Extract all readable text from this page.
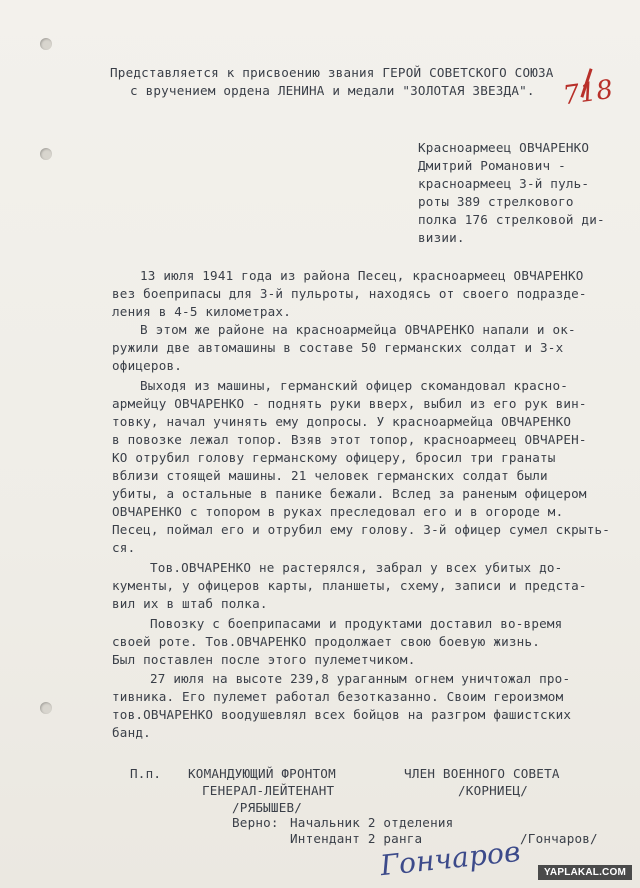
Представляется к присвоению звания ГЕРОЙ СОВЕТСКОГО СОЮЗА
с вручением ордена ЛЕНИНА и медали "ЗОЛОТАЯ ЗВЕЗДА". 718
Красноармеец ОВЧАРЕНКО
Дмитрий Романович -
красноармеец 3-й пуль-
роты 389 стрелкового
полка 176 стрелковой ди-
визии.
13 июля 1941 года из района Песец, красноармеец ОВЧАРЕНКО
вез боеприпасы для 3-й пульроты, находясь от своего подразде-
ления в 4-5 километрах.
В этом же районе на красноармейца ОВЧАРЕНКО напали и ок-
ружили две автомашины в составе 50 германских солдат и 3-х
офицеров.
Выходя из машины, германский офицер скомандовал красно-
армейцу ОВЧАРЕНКО - поднять руки вверх, выбил из его рук вин-
товку, начал учинять ему допросы. У красноармейца ОВЧАРЕНКО
в повозке лежал топор. Взяв этот топор, красноармеец ОВЧАРЕН-
КО отрубил голову германскому офицеру, бросил три гранаты
вблизи стоящей машины. 21 человек германских солдат были
убиты, а остальные в панике бежали. Вслед за раненым офицером
ОВЧАРЕНКО с топором в руках преследовал его и в огороде м.
Песец, поймал его и отрубил ему голову. 3-й офицер сумел скрыть-
ся.
Тов.ОВЧАРЕНКО не растерялся, забрал у всех убитых до-
кументы, у офицеров карты, планшеты, схему, записи и предста-
вил их в штаб полка.
Повозку с боеприпасами и продуктами доставил во-время
своей роте. Тов.ОВЧАРЕНКО продолжает свою боевую жизнь.
Был поставлен после этого пулеметчиком.
27 июля на высоте 239,8 ураганным огнем уничтожал про-
тивника. Его пулемет работал безотказанно. Своим героизмом
тов.ОВЧАРЕНКО воодушевлял всех бойцов на разгром фашистских
банд.
П.п. КОМАНДУЮЩИЙ ФРОНТОМ
ГЕНЕРАЛ-ЛЕЙТЕНАНТ
/РЯБЫШЕВ/
ЧЛЕН ВОЕННОГО СОВЕТА
/КОРНИЕЦ/
Верно: Начальник 2 отделения
Интендант 2 ранга	/Гончаров/
Гончаров	YAPLAKAL.COM
